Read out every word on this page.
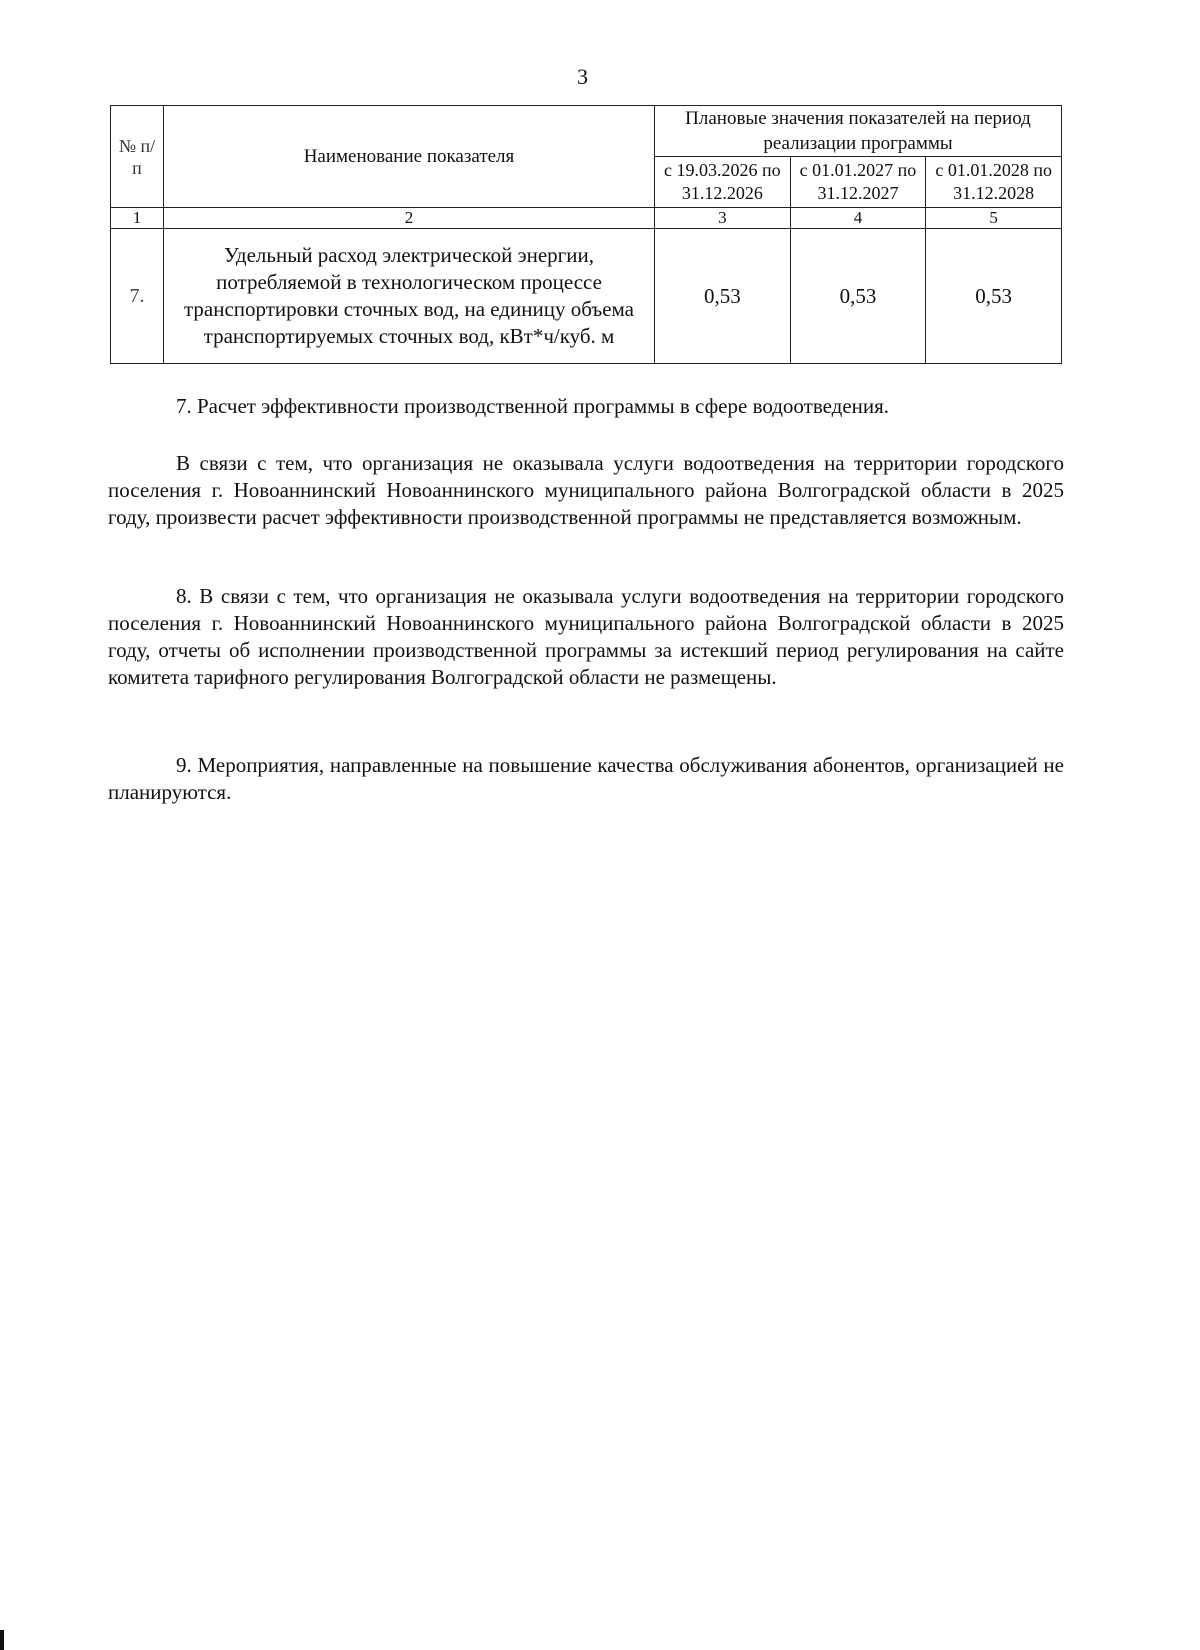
3
№ п/п	Наименование показателя	Плановые значения показателей на период реализации программы		
		с 19.03.2026 по 31.12.2026	с 01.01.2027 по 31.12.2027	с 01.01.2028 по 31.12.2028
1	2	3	4	5
7.	Удельный расход электрической энергии, потребляемой в технологическом процессе транспортировки сточных вод, на единицу объема транспортируемых сточных вод, кВт*ч/куб. м	0,53	0,53	0,53

7. Расчет эффективности производственной программы в сфере водоотведения.

В связи с тем, что организация не оказывала услуги водоотведения на территории городского поселения г. Новоаннинский Новоаннинского муниципального района Волгоградской области в 2025 году, произвести расчет эффективности производственной программы не представляется возможным.

8. В связи с тем, что организация не оказывала услуги водоотведения на территории городского поселения г. Новоаннинский Новоаннинского муниципального района Волгоградской области в 2025 году, отчеты об исполнении производственной программы за истекший период регулирования на сайте комитета тарифного регулирования Волгоградской области не размещены.

9. Мероприятия, направленные на повышение качества обслуживания абонентов, организацией не планируются.
